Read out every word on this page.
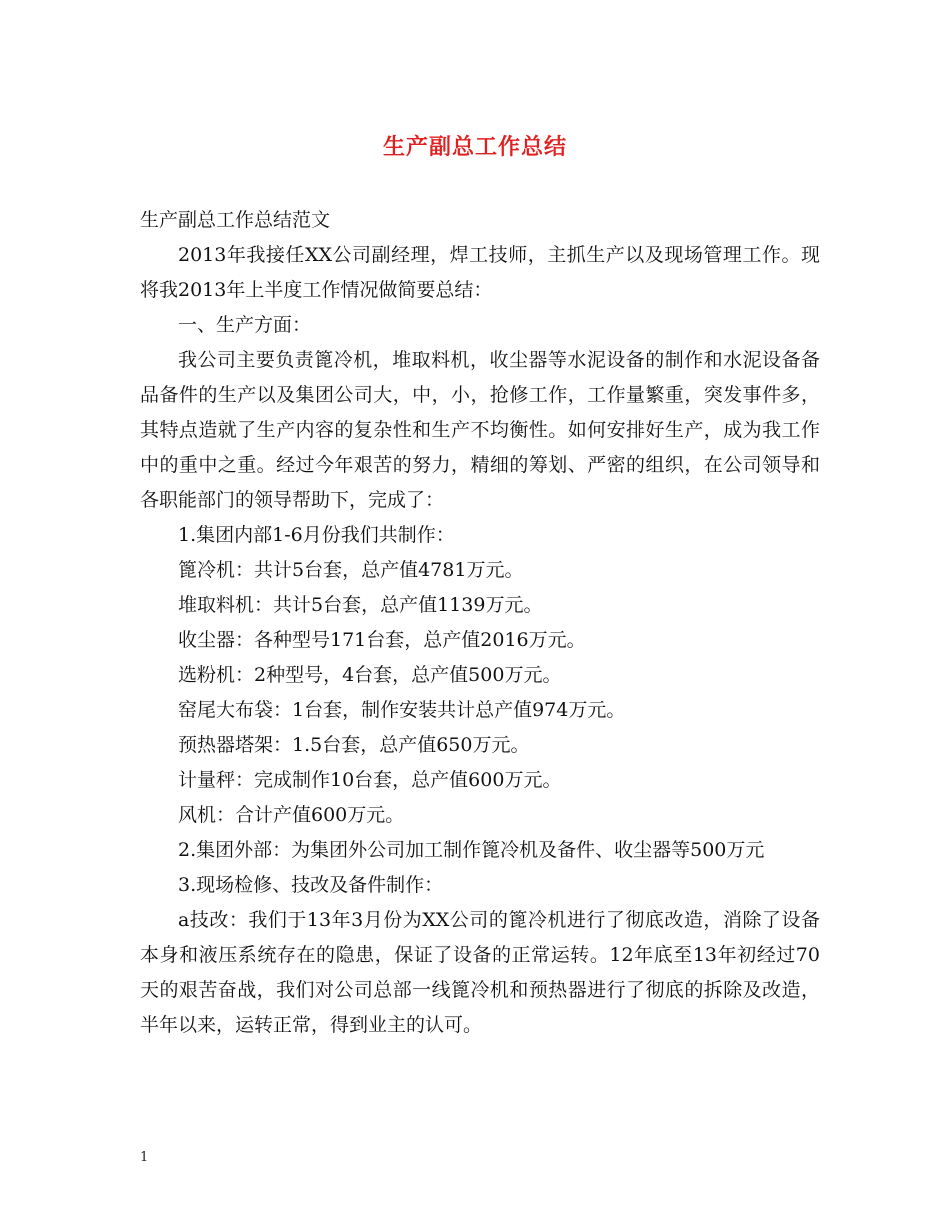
生产副总工作总结

生产副总工作总结范文

2013年我接任XX公司副经理，焊工技师，主抓生产以及现场管理工作。现将我2013年上半度工作情况做简要总结：

一、生产方面：

我公司主要负责篦冷机，堆取料机，收尘器等水泥设备的制作和水泥设备备品备件的生产以及集团公司大，中，小，抢修工作，工作量繁重，突发事件多，其特点造就了生产内容的复杂性和生产不均衡性。如何安排好生产，成为我工作中的重中之重。经过今年艰苦的努力，精细的筹划、严密的组织，在公司领导和各职能部门的领导帮助下，完成了：

1.集团内部1-6月份我们共制作：

篦冷机：共计5台套，总产值4781万元。

堆取料机：共计5台套，总产值1139万元。

收尘器：各种型号171台套，总产值2016万元。

选粉机：2种型号，4台套，总产值500万元。

窑尾大布袋：1台套，制作安装共计总产值974万元。

预热器塔架：1.5台套，总产值650万元。

计量秤：完成制作10台套，总产值600万元。

风机：合计产值600万元。

2.集团外部：为集团外公司加工制作篦冷机及备件、收尘器等500万元

3.现场检修、技改及备件制作：

a技改：我们于13年3月份为XX公司的篦冷机进行了彻底改造，消除了设备本身和液压系统存在的隐患，保证了设备的正常运转。12年底至13年初经过70天的艰苦奋战，我们对公司总部一线篦冷机和预热器进行了彻底的拆除及改造，半年以来，运转正常，得到业主的认可。

1
